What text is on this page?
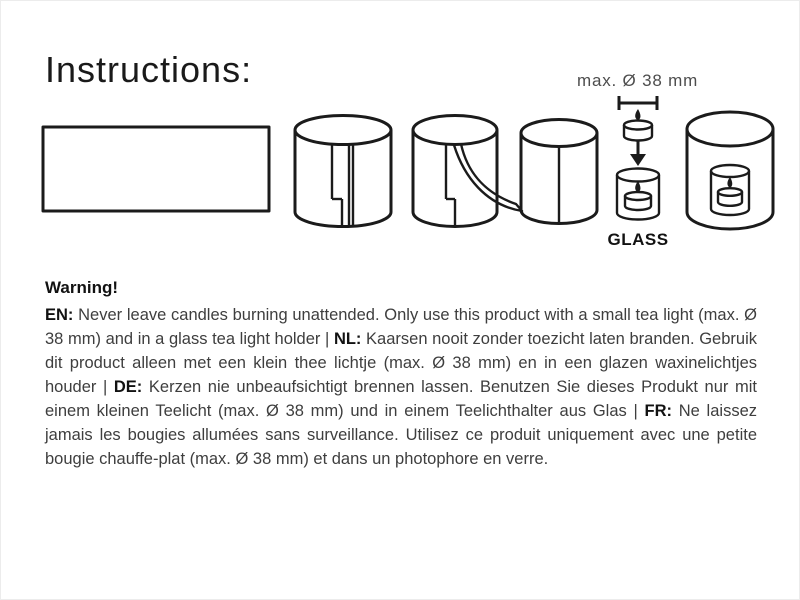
Instructions:	max. Ø 38 mm
GLASS
Warning!

EN: Never leave candles burning unattended. Only use this product with a small tea light (max. Ø 38 mm) and in a glass tea light holder | NL: Kaarsen nooit zonder toezicht laten branden. Gebruik dit product alleen met een klein thee lichtje (max. Ø 38 mm) en in een glazen waxinelichtjes houder | DE: Kerzen nie unbeaufsichtigt brennen lassen. Benutzen Sie dieses Produkt nur mit einem kleinen Teelicht (max. Ø 38 mm) und in einem Teelichthalter aus Glas | FR: Ne laissez jamais les bougies allumées sans surveillance. Utilisez ce produit uniquement avec une petite bougie chauffe-plat (max. Ø 38 mm) et dans un photophore en verre.
